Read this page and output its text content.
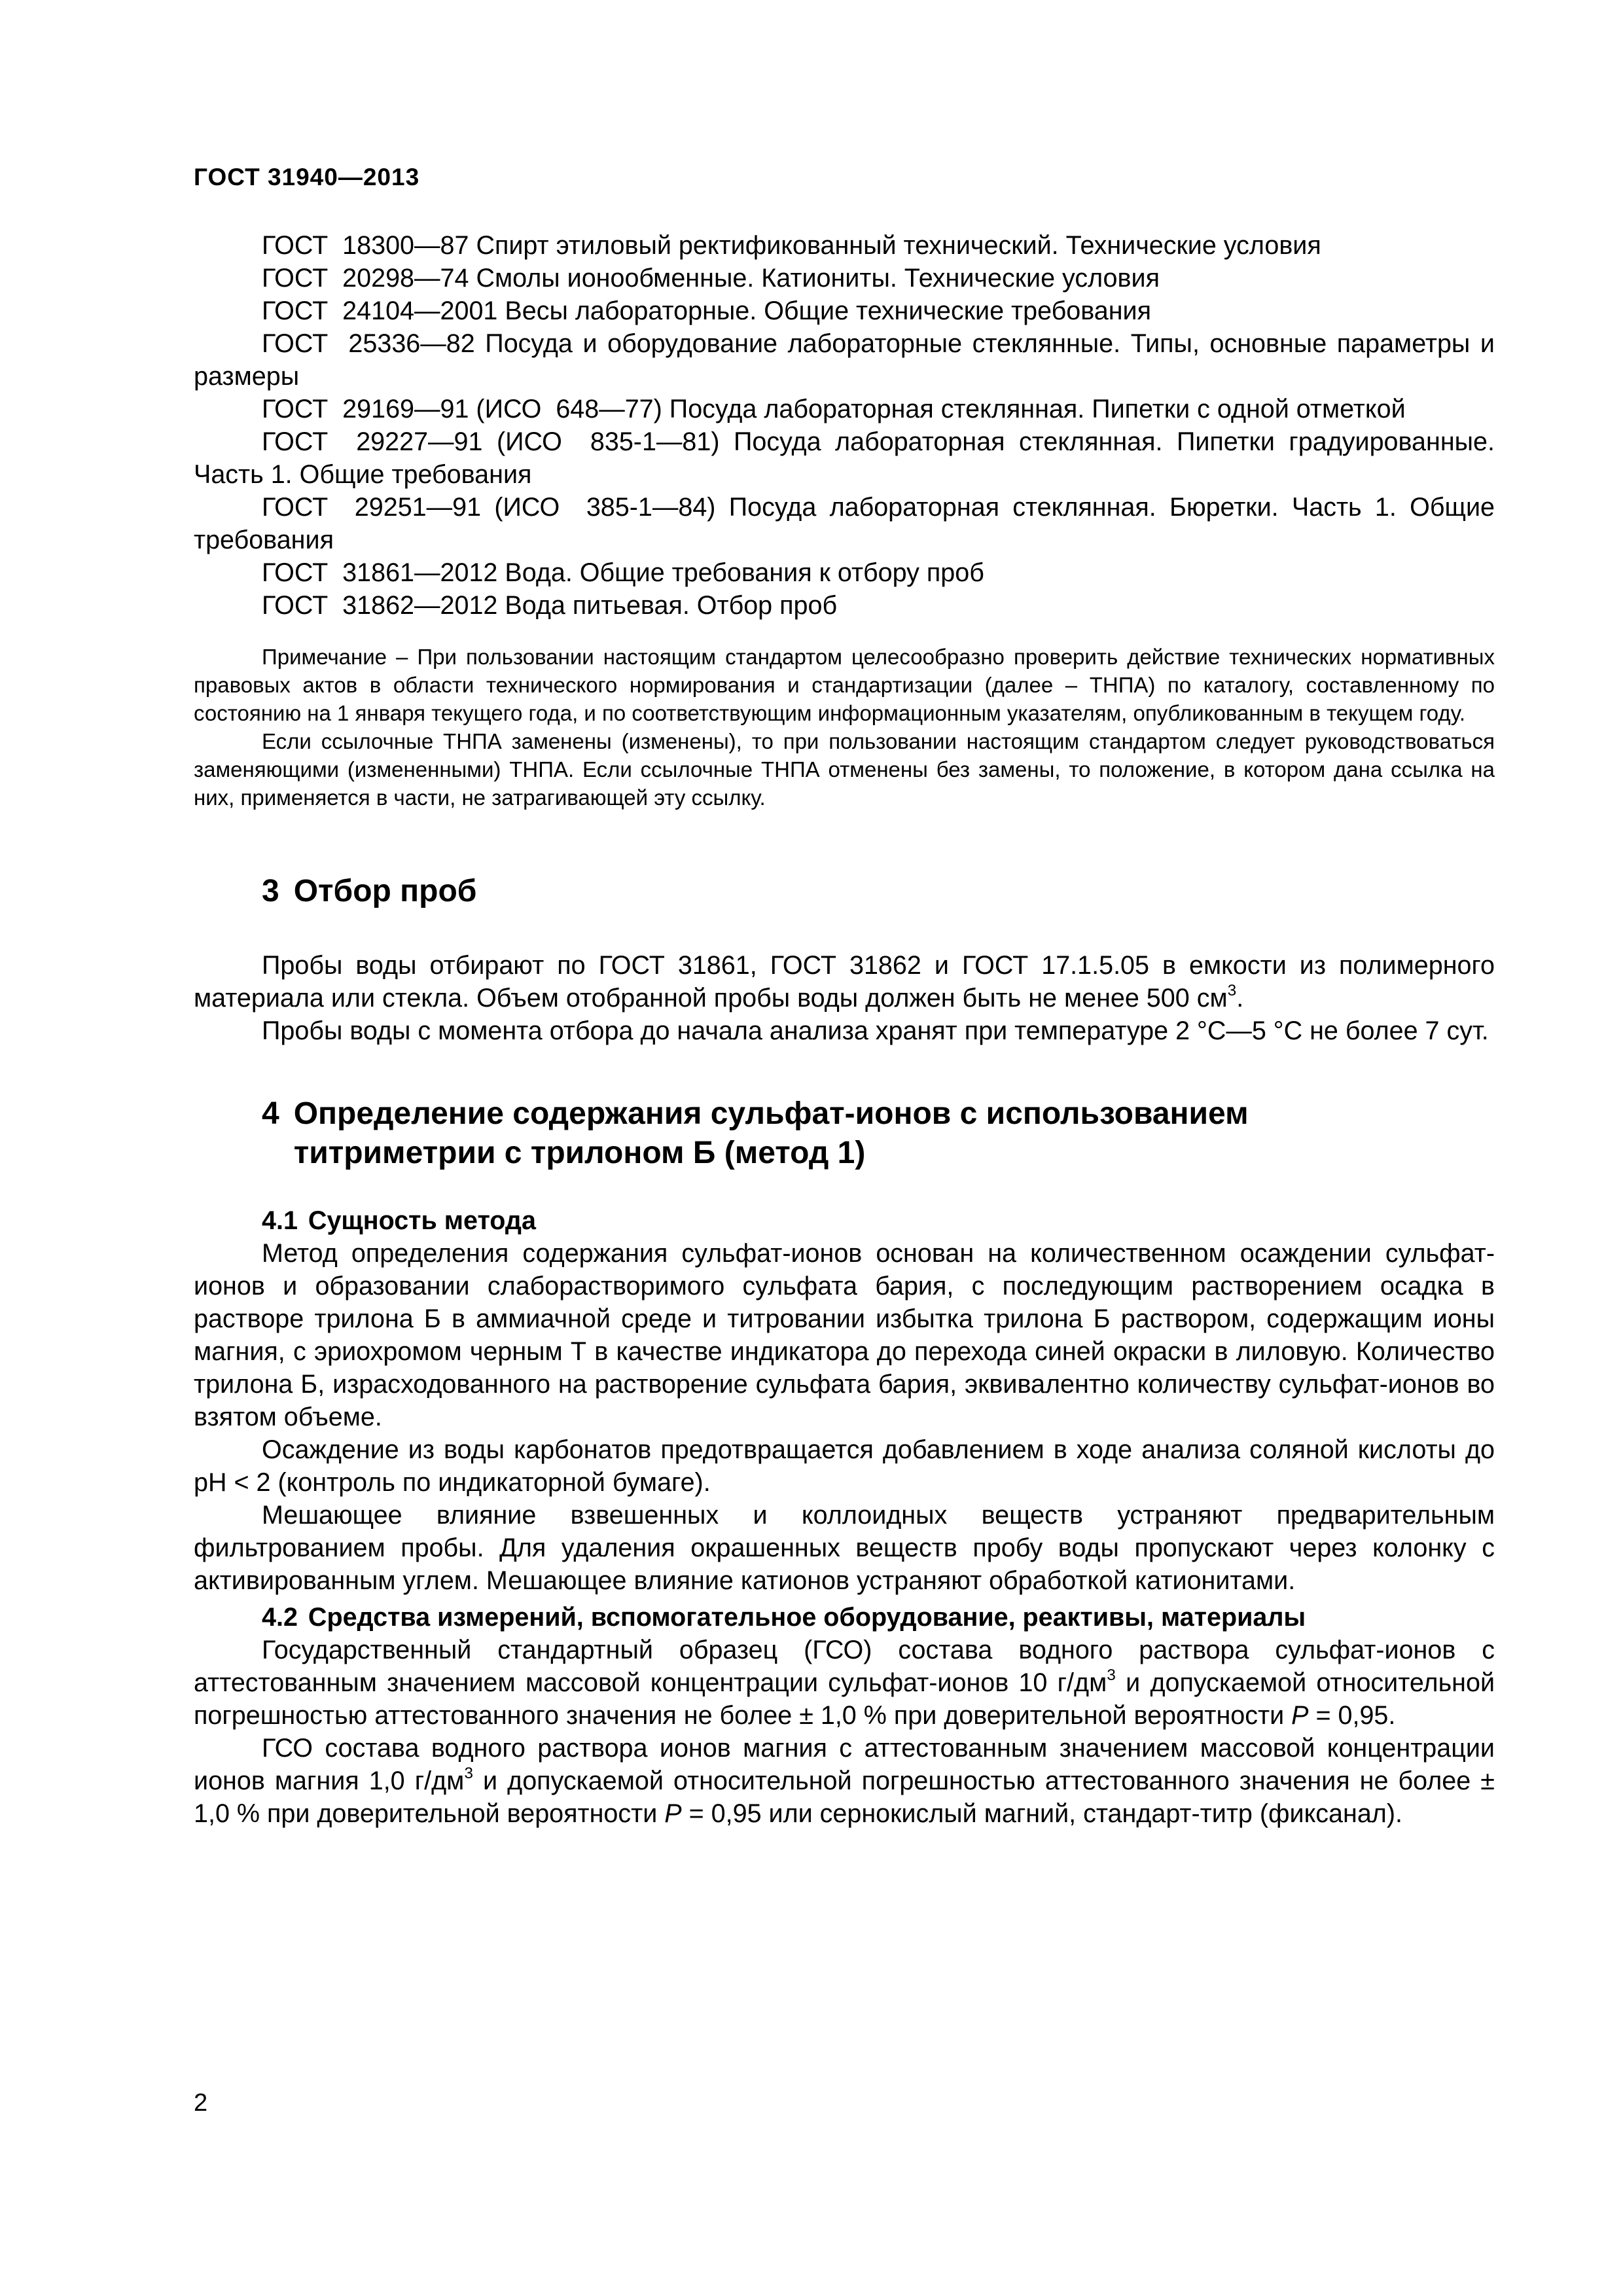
ГОСТ 31940—2013

ГОСТ  18300—87 Спирт этиловый ректификованный технический. Технические условия

ГОСТ  20298—74 Смолы ионообменные. Катиониты. Технические условия

ГОСТ  24104—2001 Весы лабораторные. Общие технические требования

ГОСТ  25336—82 Посуда и оборудование лабораторные стеклянные. Типы, основные параметры и размеры

ГОСТ  29169—91 (ИСО  648—77) Посуда лабораторная стеклянная. Пипетки с одной отметкой

ГОСТ  29227—91 (ИСО  835-1—81) Посуда лабораторная стеклянная. Пипетки градуированные. Часть 1. Общие требования

ГОСТ  29251—91 (ИСО  385-1—84) Посуда лабораторная стеклянная. Бюретки. Часть 1. Общие требования

ГОСТ  31861—2012 Вода. Общие требования к отбору проб

ГОСТ  31862—2012 Вода питьевая. Отбор проб

Примечание – При пользовании настоящим стандартом целесообразно проверить действие технических нормативных правовых актов в области технического нормирования и стандартизации (далее – ТНПА) по каталогу, составленному по состоянию на 1 января текущего года, и по соответствующим информационным указателям, опубликованным в текущем году.

Если ссылочные ТНПА заменены (изменены), то при пользовании настоящим стандартом следует руководствоваться заменяющими (измененными) ТНПА. Если ссылочные ТНПА отменены без замены, то положение, в котором дана ссылка на них, применяется в части, не затрагивающей эту ссылку.

3 Отбор проб

Пробы воды отбирают по ГОСТ 31861, ГОСТ 31862 и ГОСТ 17.1.5.05 в емкости из полимерного материала или стекла. Объем отобранной пробы воды должен быть не менее 500 $см^3$.

Пробы воды с момента отбора до начала анализа хранят при температуре 2 °С—5 °С не более 7 сут.

4 Определение содержания сульфат-ионов с использованием титриметрии с трилоном Б (метод 1)
4.1 Сущность метода

Метод определения содержания сульфат-ионов основан на количественном осаждении сульфат-ионов и образовании слаборастворимого сульфата бария, с последующим растворением осадка в растворе трилона Б в аммиачной среде и титровании избытка трилона Б раствором, содержащим ионы магния, с эриохромом черным Т в качестве индикатора до перехода синей окраски в лиловую. Количество трилона Б, израсходованного на растворение сульфата бария, эквивалентно количеству сульфат-ионов во взятом объеме.

Осаждение из воды карбонатов предотвращается добавлением в ходе анализа соляной кислоты до рН < 2 (контроль по индикаторной бумаге).

Мешающее влияние взвешенных и коллоидных веществ устраняют предварительным фильтрованием пробы. Для удаления окрашенных веществ пробу воды пропускают через колонку с активированным углем. Мешающее влияние катионов устраняют обработкой катионитами.

4.2 Средства измерений, вспомогательное оборудование, реактивы, материалы

Государственный стандартный образец (ГСО) состава водного раствора сульфат-ионов с аттестованным значением массовой концентрации сульфат-ионов 10 $г/дм^3$ и допускаемой относительной погрешностью аттестованного значения не более ± 1,0 % при доверительной вероятности Р = 0,95.

ГСО состава водного раствора ионов магния с аттестованным значением массовой концентрации ионов магния 1,0 $г/дм^3$ и допускаемой относительной погрешностью аттестованного значения не более ± 1,0 % при доверительной вероятности Р = 0,95 или сернокислый магний, стандарт-титр (фиксанал).

2
